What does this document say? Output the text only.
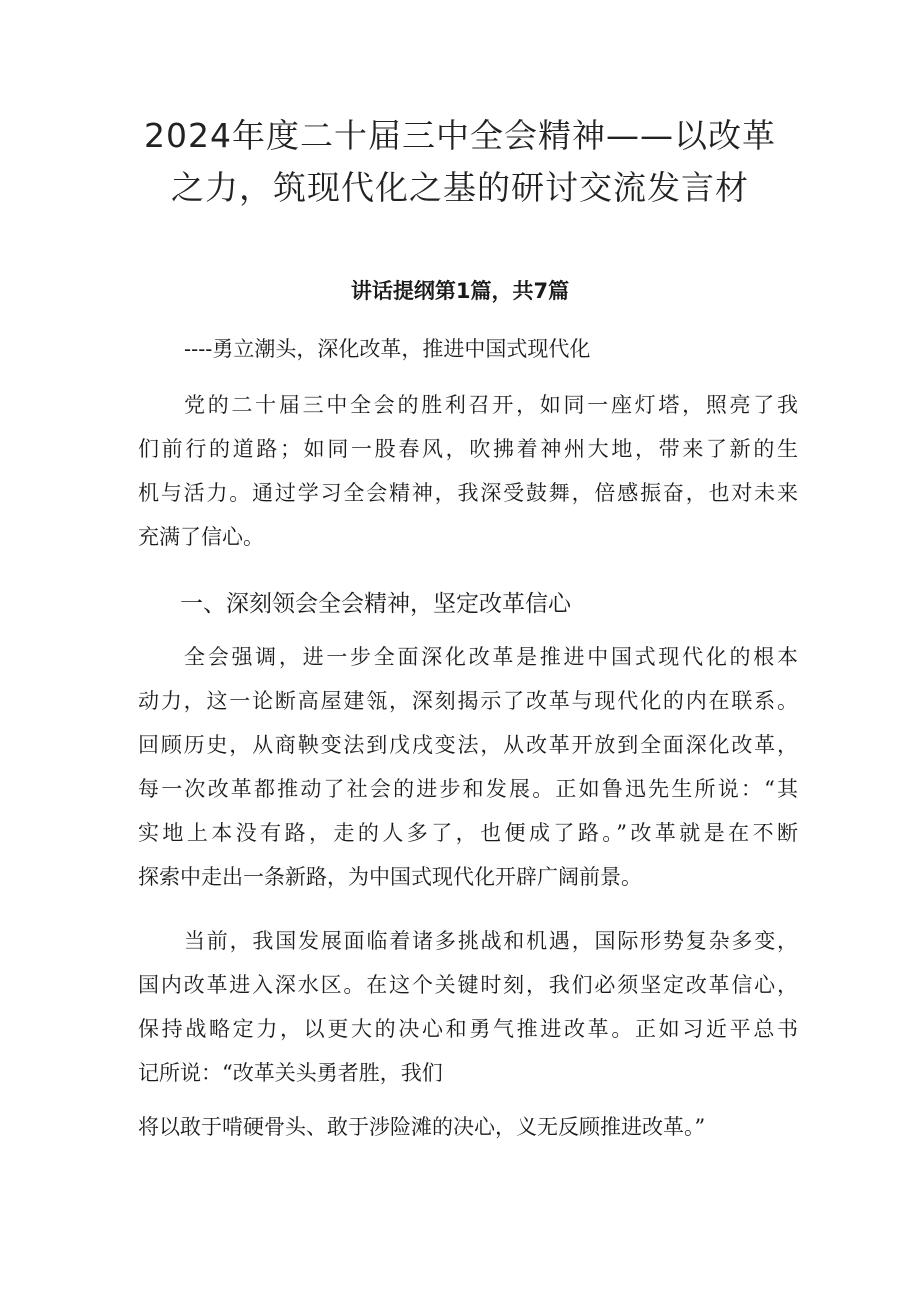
2024年度二十届三中全会精神——以改革
之力，筑现代化之基的研讨交流发言材
讲话提纲第1篇，共7篇
----勇立潮头，深化改革，推进中国式现代化
党的二十届三中全会的胜利召开，如同一座灯塔，照亮了我
们前行的道路；如同一股春风，吹拂着神州大地，带来了新的生
机与活力。通过学习全会精神，我深受鼓舞，倍感振奋，也对未来
充满了信心。
一、深刻领会全会精神，坚定改革信心
全会强调，进一步全面深化改革是推进中国式现代化的根本
动力，这一论断高屋建瓴，深刻揭示了改革与现代化的内在联系。
回顾历史，从商鞅变法到戊戌变法，从改革开放到全面深化改革，
每一次改革都推动了社会的进步和发展。正如鲁迅先生所说：“其
实地上本没有路，走的人多了，也便成了路。”改革就是在不断
探索中走出一条新路，为中国式现代化开辟广阔前景。
当前，我国发展面临着诸多挑战和机遇，国际形势复杂多变，
国内改革进入深水区。在这个关键时刻，我们必须坚定改革信心，
保持战略定力，以更大的决心和勇气推进改革。正如习近平总书
记所说：“改革关头勇者胜，我们
将以敢于啃硬骨头、敢于涉险滩的决心，义无反顾推进改革。”
